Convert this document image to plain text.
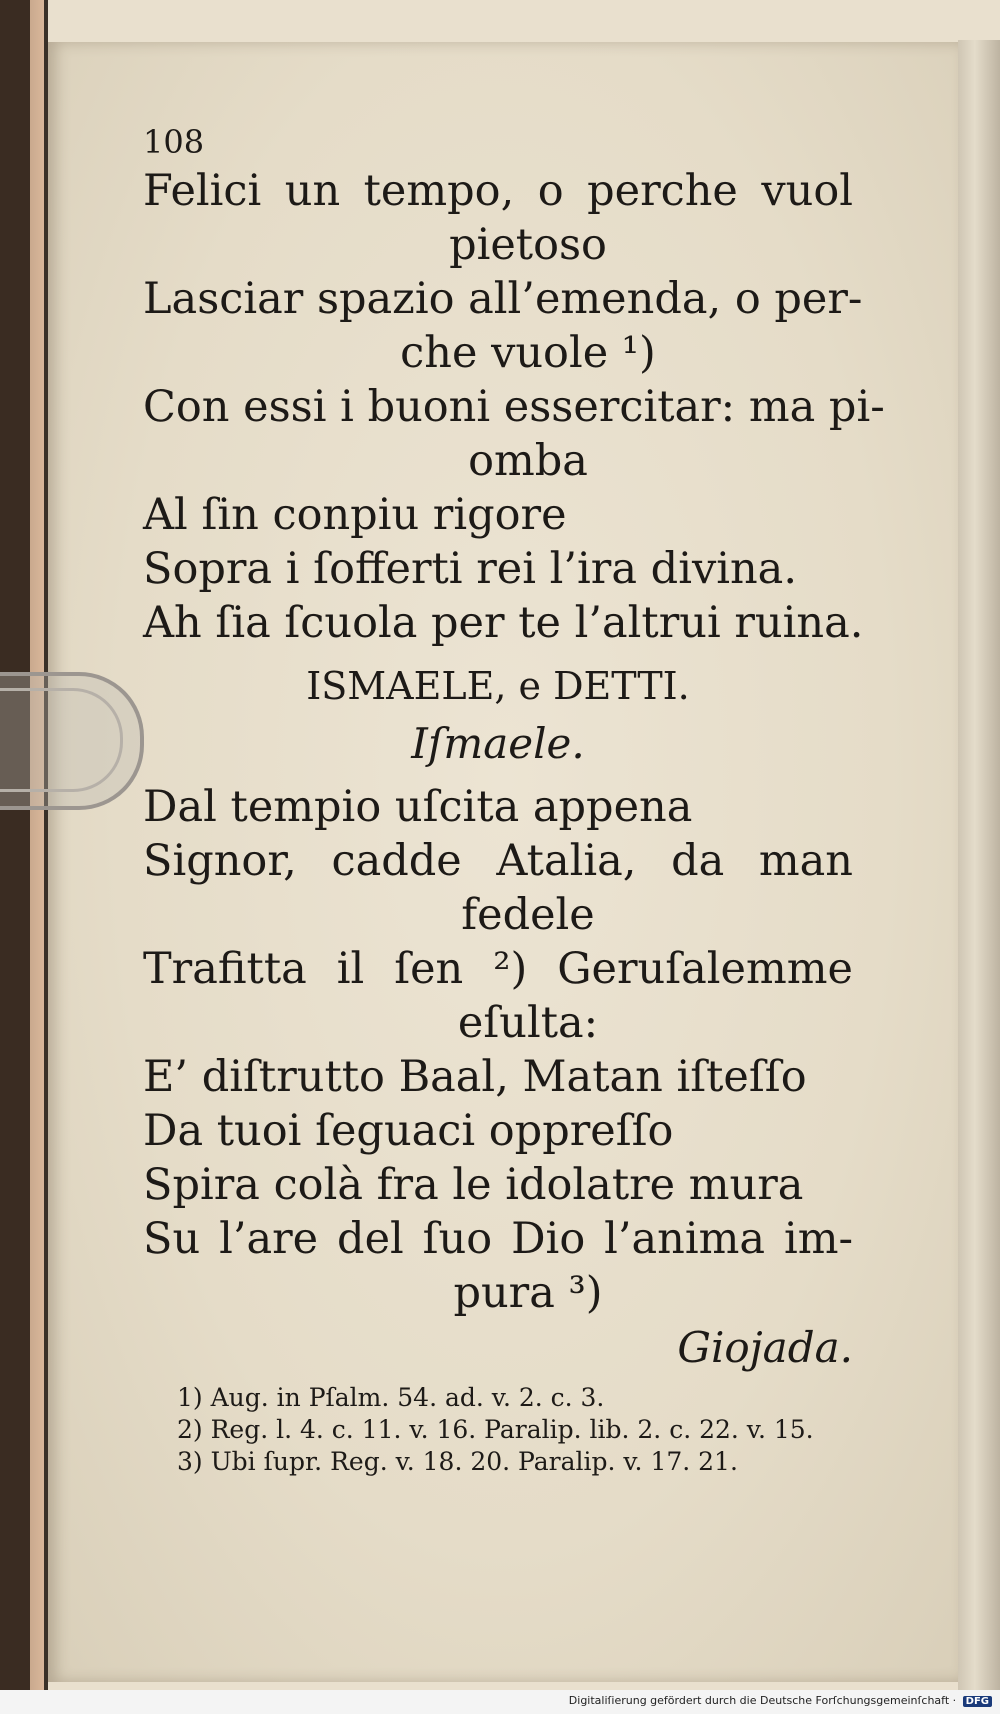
108
Felici un tempo, o perche vuol
pietoso
Lasciar spazio all’emenda, o per-
che vuole ¹)
Con essi i buoni essercitar: ma pi-
omba
Al ſin conpiu rigore
Sopra i ſofferti rei l’ira divina.
Ah ſia ſcuola per te l’altrui ruina.
ISMAELE, e DETTI.
Iſmaele.
Dal tempio uſcita appena
Signor, cadde Atalia, da man
fedele
Trafitta il ſen ²) Geruſalemme
eſulta:
E’ diſtrutto Baal, Matan iſteſſo
Da tuoi ſeguaci oppreſſo
Spira colà fra le idolatre mura
Su l’are del ſuo Dio l’anima im-
pura ³)
Giojada.
1) Aug. in Pſalm. 54. ad. v. 2. c. 3.
2) Reg. l. 4. c. 11. v. 16. Paralip. lib. 2. c. 22. v. 15.
3) Ubi ſupr. Reg. v. 18. 20. Paralip. v. 17. 21.
Digitaliſierung gefördert durch die Deutsche Forſchungsgemeinſchaft · DFG
